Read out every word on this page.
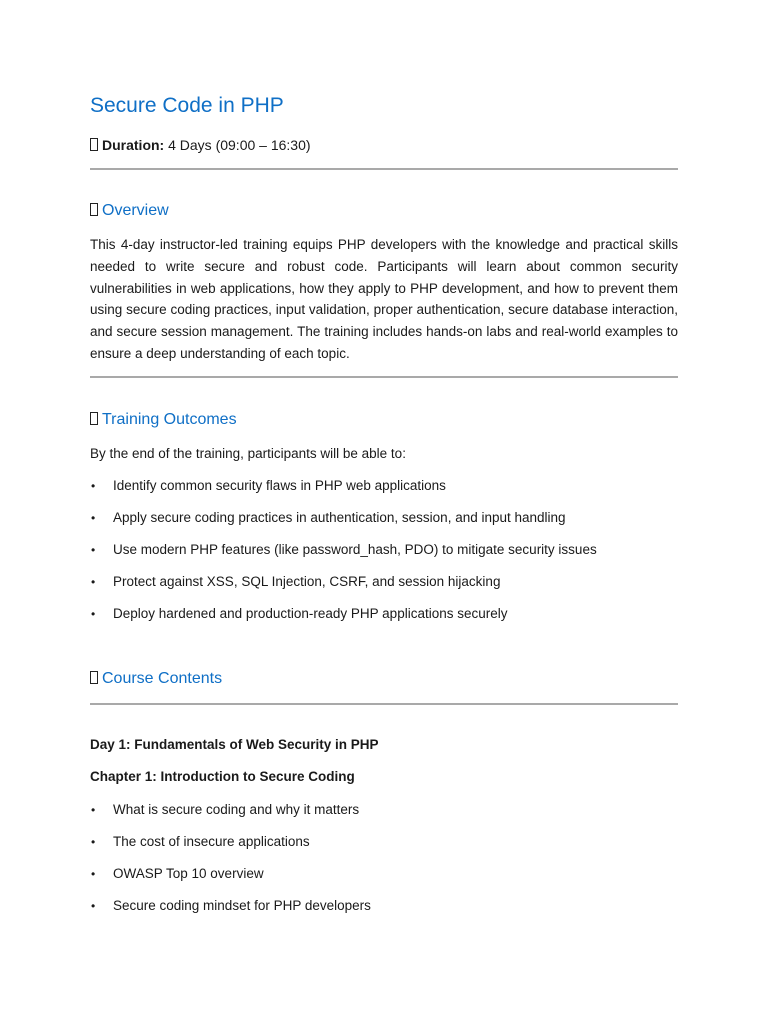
Secure Code in PHP
Duration: 4 Days (09:00 – 16:30)
Overview

This 4-day instructor-led training equips PHP developers with the knowledge and practical skills needed to write secure and robust code. Participants will learn about common security vulnerabilities in web applications, how they apply to PHP development, and how to prevent them using secure coding practices, input validation, proper authentication, secure database interaction, and secure session management. The training includes hands-on labs and real-world examples to ensure a deep understanding of each topic.

Training Outcomes

By the end of the training, participants will be able to:

• Identify common security flaws in PHP web applications
• Apply secure coding practices in authentication, session, and input handling
• Use modern PHP features (like password_hash, PDO) to mitigate security issues
• Protect against XSS, SQL Injection, CSRF, and session hijacking
• Deploy hardened and production-ready PHP applications securely
Course Contents

Day 1: Fundamentals of Web Security in PHP

Chapter 1: Introduction to Secure Coding

• What is secure coding and why it matters
• The cost of insecure applications
• OWASP Top 10 overview
• Secure coding mindset for PHP developers
